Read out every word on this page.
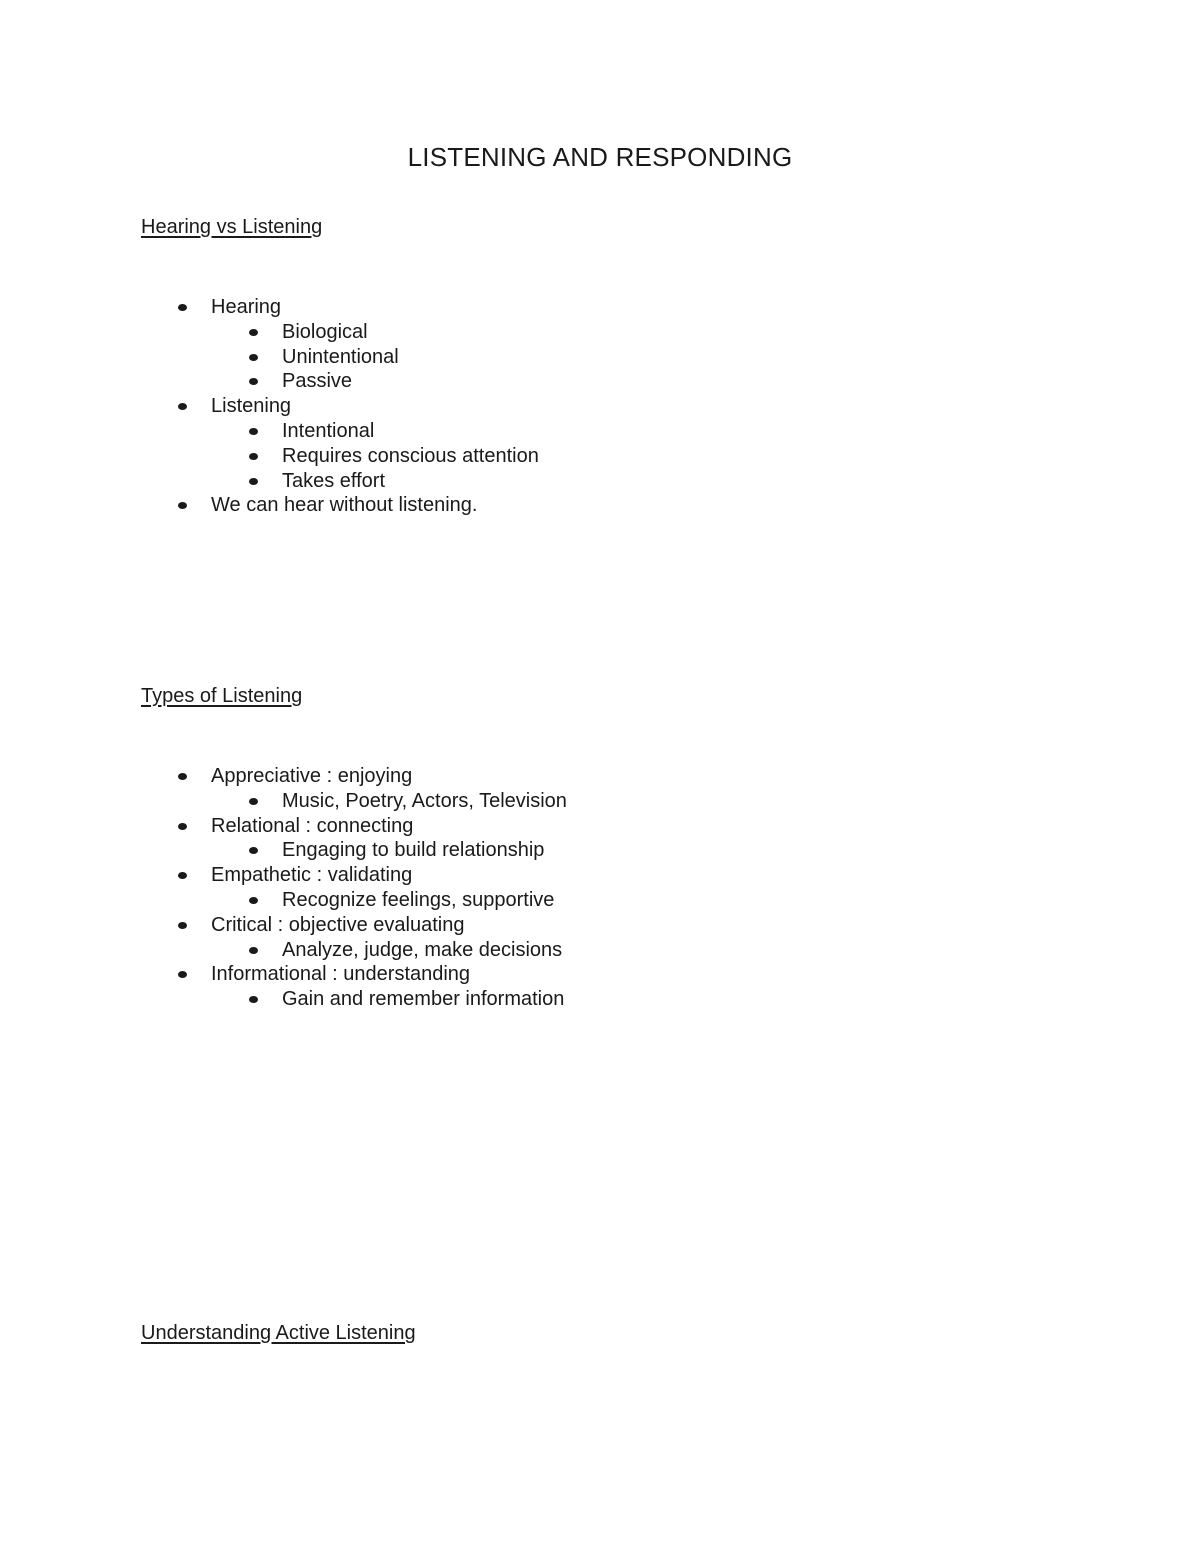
LISTENING AND RESPONDING
Hearing vs Listening
Hearing
Biological
Unintentional
Passive
Listening
Intentional
Requires conscious attention
Takes effort
We can hear without listening.
Types of Listening
Appreciative : enjoying
Music, Poetry, Actors, Television
Relational : connecting
Engaging to build relationship
Empathetic : validating
Recognize feelings, supportive
Critical : objective evaluating
Analyze, judge, make decisions
Informational : understanding
Gain and remember information
Understanding Active Listening
